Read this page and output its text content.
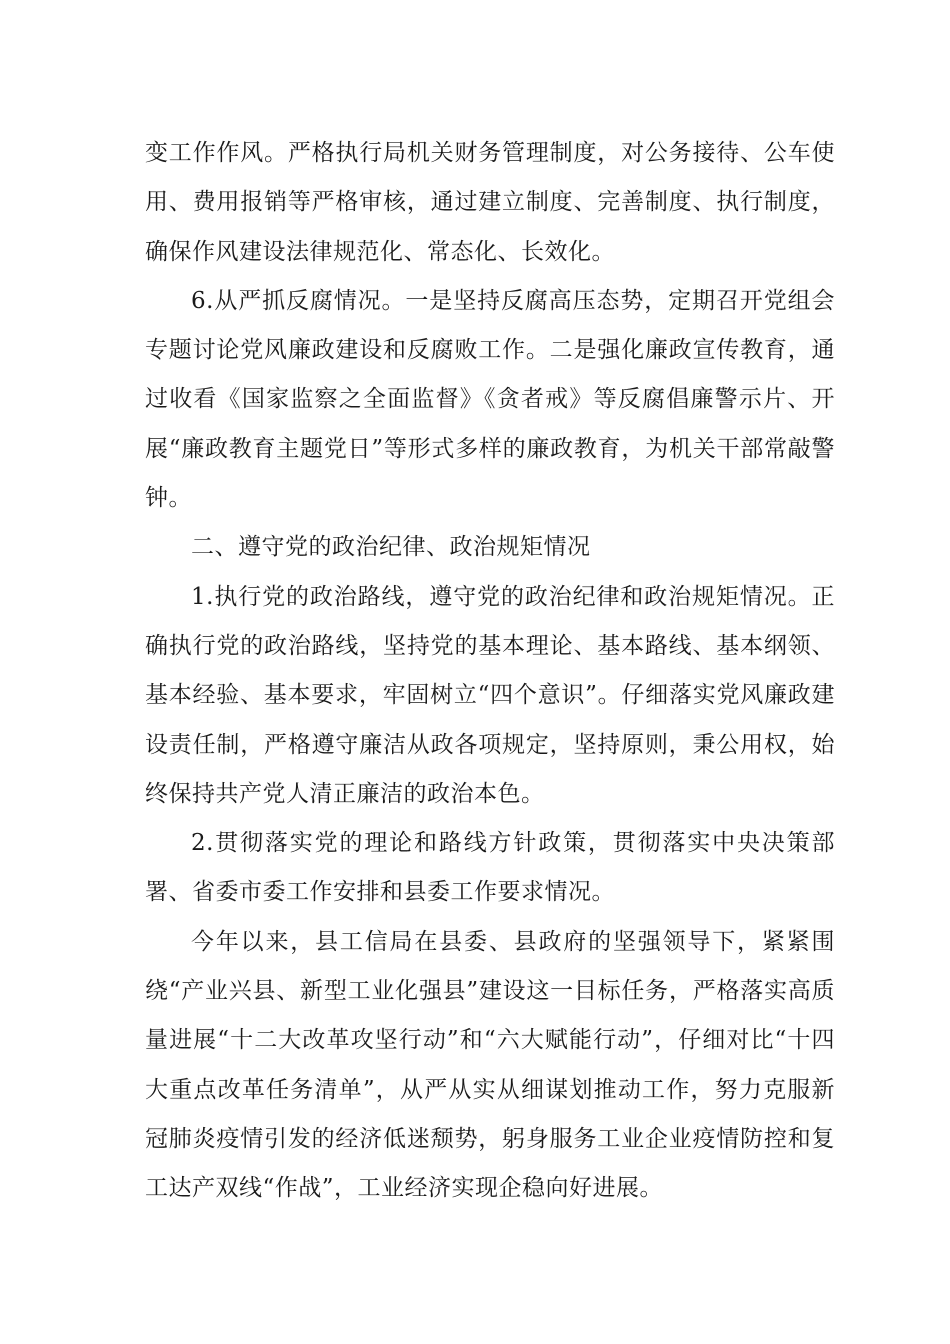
变工作作风。严格执行局机关财务管理制度，对公务接待、公车使用、费用报销等严格审核，通过建立制度、完善制度、执行制度，确保作风建设法律规范化、常态化、长效化。

6.从严抓反腐情况。一是坚持反腐高压态势，定期召开党组会专题讨论党风廉政建设和反腐败工作。二是强化廉政宣传教育，通过收看《国家监察之全面监督》《贪者戒》等反腐倡廉警示片、开展“廉政教育主题党日”等形式多样的廉政教育，为机关干部常敲警钟。

二、遵守党的政治纪律、政治规矩情况

1.执行党的政治路线，遵守党的政治纪律和政治规矩情况。正确执行党的政治路线，坚持党的基本理论、基本路线、基本纲领、基本经验、基本要求，牢固树立“四个意识”。仔细落实党风廉政建设责任制，严格遵守廉洁从政各项规定，坚持原则，秉公用权，始终保持共产党人清正廉洁的政治本色。

2.贯彻落实党的理论和路线方针政策，贯彻落实中央决策部署、省委市委工作安排和县委工作要求情况。

今年以来，县工信局在县委、县政府的坚强领导下，紧紧围绕“产业兴县、新型工业化强县”建设这一目标任务，严格落实高质量进展“十二大改革攻坚行动”和“六大赋能行动”，仔细对比“十四大重点改革任务清单”，从严从实从细谋划推动工作，努力克服新冠肺炎疫情引发的经济低迷颓势，躬身服务工业企业疫情防控和复工达产双线“作战”，工业经济实现企稳向好进展。
